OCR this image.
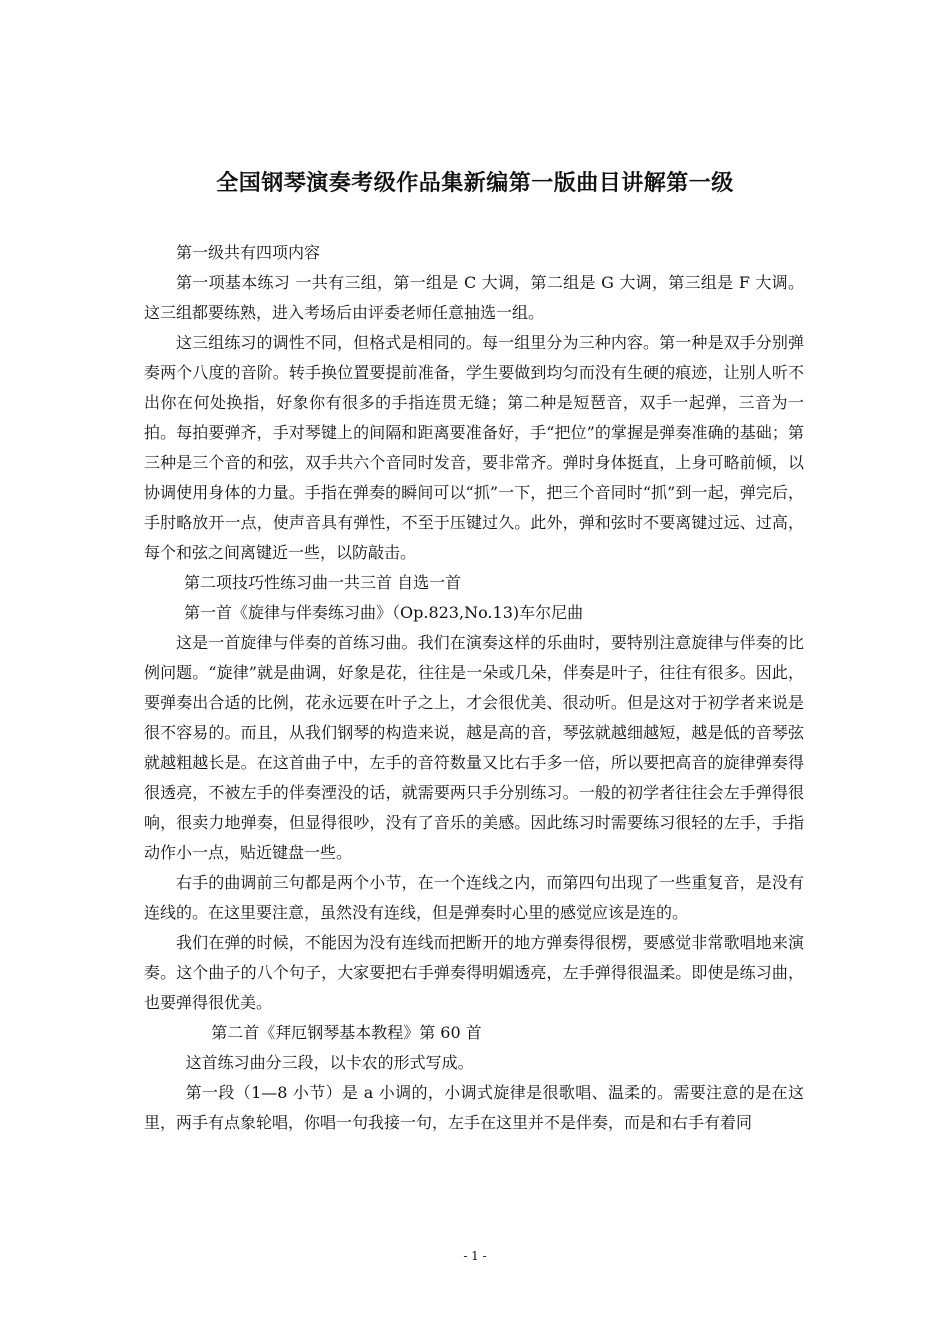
全国钢琴演奏考级作品集新编第一版曲目讲解第一级

第一级共有四项内容

第一项基本练习 一共有三组，第一组是 C 大调，第二组是 G 大调，第三组是 F 大调。这三组都要练熟，进入考场后由评委老师任意抽选一组。

这三组练习的调性不同，但格式是相同的。每一组里分为三种内容。第一种是双手分别弹奏两个八度的音阶。转手换位置要提前准备，学生要做到均匀而没有生硬的痕迹，让别人听不出你在何处换指，好象你有很多的手指连贯无缝；第二种是短琶音，双手一起弹，三音为一拍。每拍要弹齐，手对琴键上的间隔和距离要准备好，手“把位”的掌握是弹奏准确的基础；第三种是三个音的和弦，双手共六个音同时发音，要非常齐。弹时身体挺直，上身可略前倾，以协调使用身体的力量。手指在弹奏的瞬间可以“抓”一下，把三个音同时“抓”到一起，弹完后，手肘略放开一点，使声音具有弹性，不至于压键过久。此外，弹和弦时不要离键过远、过高，每个和弦之间离键近一些，以防敲击。

第二项技巧性练习曲一共三首 自选一首

第一首《旋律与伴奏练习曲》（Op.823,No.13)车尔尼曲

这是一首旋律与伴奏的首练习曲。我们在演奏这样的乐曲时，要特别注意旋律与伴奏的比例问题。“旋律”就是曲调，好象是花，往往是一朵或几朵，伴奏是叶子，往往有很多。因此，要弹奏出合适的比例，花永远要在叶子之上，才会很优美、很动听。但是这对于初学者来说是很不容易的。而且，从我们钢琴的构造来说，越是高的音，琴弦就越细越短，越是低的音琴弦就越粗越长是。在这首曲子中，左手的音符数量又比右手多一倍，所以要把高音的旋律弹奏得很透亮，不被左手的伴奏湮没的话，就需要两只手分别练习。一般的初学者往往会左手弹得很响，很卖力地弹奏，但显得很吵，没有了音乐的美感。因此练习时需要练习很轻的左手，手指动作小一点，贴近键盘一些。

右手的曲调前三句都是两个小节，在一个连线之内，而第四句出现了一些重复音，是没有连线的。在这里要注意，虽然没有连线，但是弹奏时心里的感觉应该是连的。

我们在弹的时候，不能因为没有连线而把断开的地方弹奏得很楞，要感觉非常歌唱地来演奏。这个曲子的八个句子，大家要把右手弹奏得明媚透亮，左手弹得很温柔。即使是练习曲，也要弹得很优美。

第二首《拜厄钢琴基本教程》第 60 首

这首练习曲分三段，以卡农的形式写成。

第一段（1—8 小节）是 a 小调的，小调式旋律是很歌唱、温柔的。需要注意的是在这里，两手有点象轮唱，你唱一句我接一句，左手在这里并不是伴奏，而是和右手有着同

- 1 -
